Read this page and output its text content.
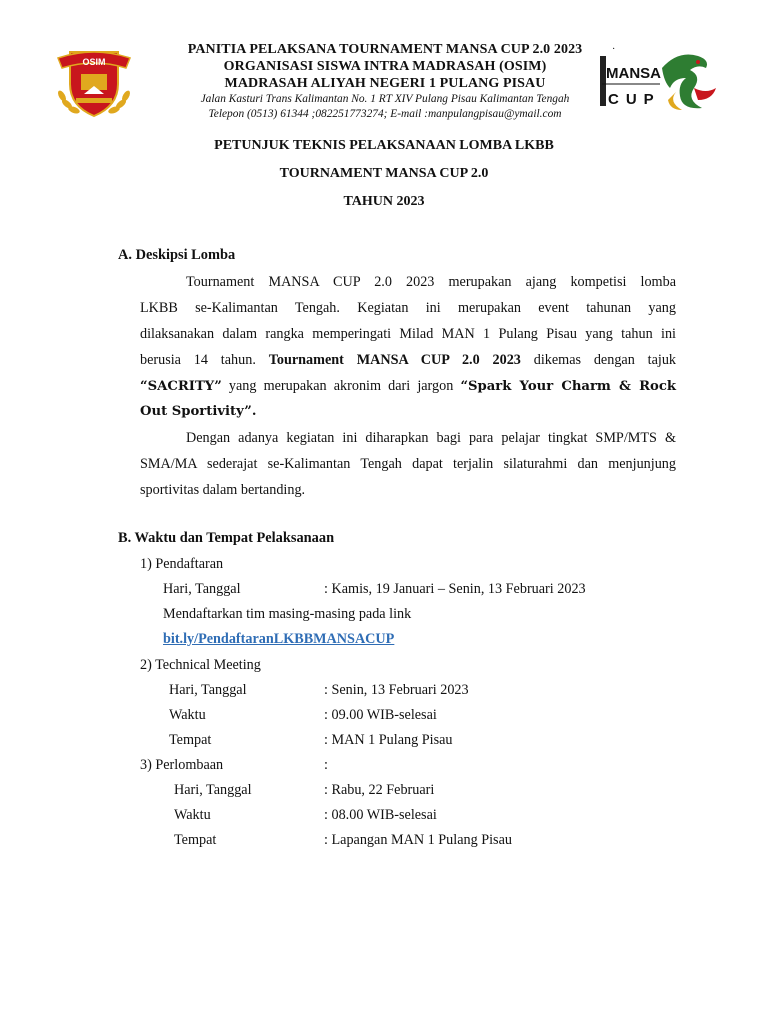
OSIM
PANITIA PELAKSANA TOURNAMENT MANSA CUP 2.0 2023
ORGANISASI SISWA INTRA MADRASAH (OSIM)
MADRASAH ALIYAH NEGERI 1 PULANG PISAU
Jalan Kasturi Trans Kalimantan No. 1 RT XIV Pulang Pisau Kalimantan Tengah
Telepon (0513) 61344 ;082251773274; E-mail :manpulangpisau@ymail.com
·
MANSA
CUP
PETUNJUK TEKNIS PELAKSANAAN LOMBA LKBB
TOURNAMENT MANSA CUP 2.0
TAHUN 2023
A. Deskipsi Lomba
Tournament MANSA CUP 2.0 2023 merupakan ajang kompetisi lomba
LKBB se-Kalimantan Tengah. Kegiatan ini merupakan event tahunan yang
dilaksanakan dalam rangka memperingati Milad MAN 1 Pulang Pisau yang tahun ini
berusia 14 tahun. Tournament MANSA CUP 2.0 2023 dikemas dengan tajuk
“SACRITY” yang merupakan akronim dari jargon “Spark Your Charm & Rock
Out Sportivity”.
Dengan adanya kegiatan ini diharapkan bagi para pelajar tingkat SMP/MTS &
SMA/MA sederajat se-Kalimantan Tengah dapat terjalin silaturahmi dan menjunjung
sportivitas dalam bertanding.
B. Waktu dan Tempat Pelaksanaan
1) Pendaftaran
Hari, Tanggal	: Kamis, 19 Januari – Senin, 13 Februari 2023
Mendaftarkan tim masing-masing pada link
bit.ly/PendaftaranLKBBMANSACUP
2) Technical Meeting
Hari, Tanggal	: Senin, 13 Februari 2023
Waktu	: 09.00 WIB-selesai
Tempat	: MAN 1 Pulang Pisau
3) Perlombaan	:
Hari, Tanggal	: Rabu, 22 Februari
Waktu	: 08.00 WIB-selesai
Tempat	: Lapangan MAN 1 Pulang Pisau
